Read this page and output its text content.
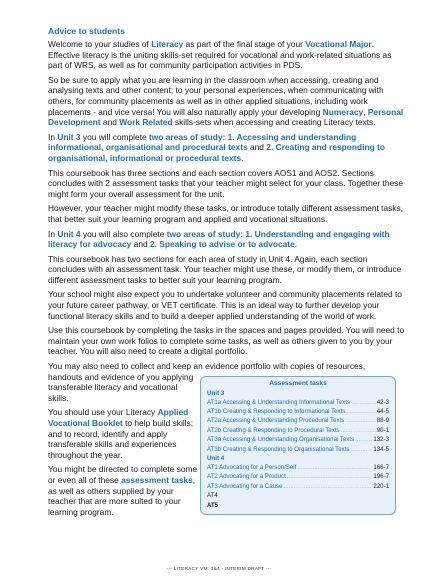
Advice to students

Welcome to your studies of Literacy as part of the final stage of your Vocational Major. Effective literacy is the uniting skills-set required for vocational and work-related situations as part of WRS, as well as for community participation activities in PDS.

So be sure to apply what you are learning in the classroom when accessing, creating and analysing texts and other content; to your personal experiences, when communicating with others, for community placements as well as in other applied situations, including work placements - and vice versa! You will also naturally apply your developing Numeracy, Personal Development and Work Related skills-sets when accessing and creating Literacy texts.

In Unit 3 you will complete two areas of study: 1. Accessing and understanding informational, organisational and procedural texts and 2. Creating and responding to organisational, informational or procedural texts.

This coursebook has three sections and each section covers AOS1 and AOS2. Sections concludes with 2 assessment tasks that your teacher might select for your class. Together these might form your overall assessment for the unit.

However, your teacher might modify these tasks, or introduce totally different assessment tasks, that better suit your learning program and applied and vocational situations.

In Unit 4 you will also complete two areas of study: 1. Understanding and engaging with literacy for advocacy and 2. Speaking to advise or to advocate.

This coursebook has two sections for each area of study in Unit 4. Again, each section concludes with an assessment task. Your teacher might use these, or modify them, or introduce different assessment tasks to better suit your learning program.

Your school might also expect you to undertake volunteer and community placements related to your future career pathway, or VET certificate. This is an ideal way to further develop your functional literacy skills and to build a deeper applied understanding of the world of work.

Use this coursebook by completing the tasks in the spaces and pages provided. You will need to maintain your own work folios to complete some tasks, as well as others given to you by your teacher. You will also need to create a digital portfolio.

You may also need to collect and keep an evidence portfolio with copies of resources,

handouts and evidence of you applying transferable literacy and vocational skills.

You should use your Literacy Applied Vocational Booklet to help build skills; and to record, identify and apply transferable skills and experiences throughout the year.

You might be directed to complete some or even all of these assessment tasks, as well as others supplied by your teacher that are more suited to your learning program.

Assessment tasks
Unit 3
AT1a Accessing & Understanding Informational Texts .....	42-3
AT1b Creating & Responding to Informational Texts .....	44-5
AT2a Accessing & Understanding Procedural Texts .....	88-9
AT2b Creating & Responding to Procedural Texts .....	90-1
AT3a Accessing & Understanding Organisational Texts .....	132-3
AT3b Creating & Responding to Organisational Texts .....	134-5
Unit 4
AT1 Advocating for a Person/Self .....	166-7
AT2 Advocating for a Product .....	196-7
AT3 Advocating for a Cause .....	220-1
AT4
AT5
--- LITERACY VM: 3&4 - INTERIM DRAFT ---
